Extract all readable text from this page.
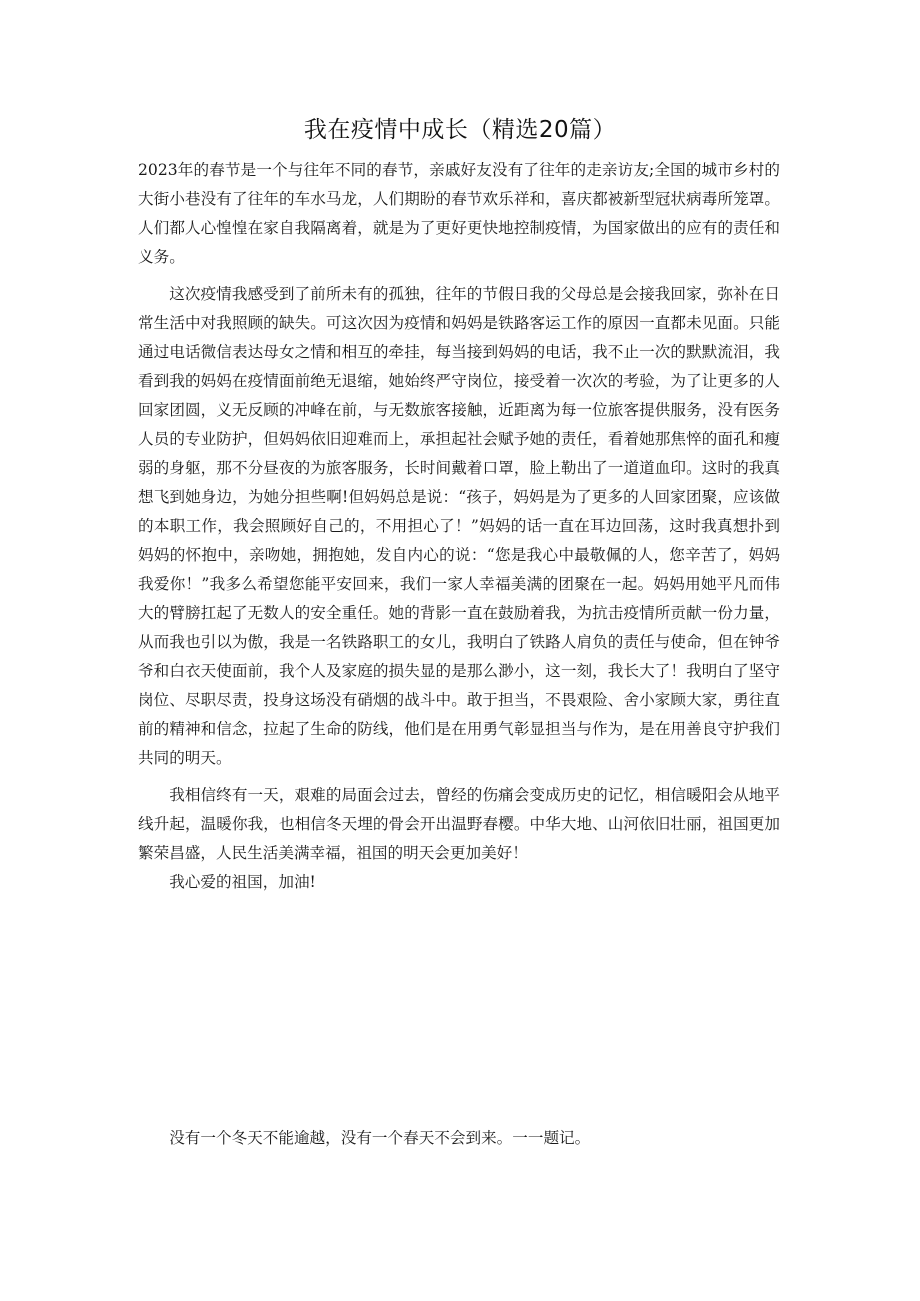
我在疫情中成长（精选20篇）

2023年的春节是一个与往年不同的春节，亲戚好友没有了往年的走亲访友;全国的城市乡村的大街小巷没有了往年的车水马龙，人们期盼的春节欢乐祥和，喜庆都被新型冠状病毒所笼罩。人们都人心惶惶在家自我隔离着，就是为了更好更快地控制疫情，为国家做出的应有的责任和义务。

这次疫情我感受到了前所未有的孤独，往年的节假日我的父母总是会接我回家，弥补在日常生活中对我照顾的缺失。可这次因为疫情和妈妈是铁路客运工作的原因一直都未见面。只能通过电话微信表达母女之情和相互的牵挂，每当接到妈妈的电话，我不止一次的默默流泪，我看到我的妈妈在疫情面前绝无退缩，她始终严守岗位，接受着一次次的考验，为了让更多的人回家团圆，义无反顾的冲峰在前，与无数旅客接触，近距离为每一位旅客提供服务，没有医务人员的专业防护，但妈妈依旧迎难而上，承担起社会赋予她的责任，看着她那焦悴的面孔和瘦弱的身躯，那不分昼夜的为旅客服务，长时间戴着口罩，脸上勒出了一道道血印。这时的我真想飞到她身边，为她分担些啊!但妈妈总是说：“孩子，妈妈是为了更多的人回家团聚，应该做的本职工作，我会照顾好自己的，不用担心了！”妈妈的话一直在耳边回荡，这时我真想扑到妈妈的怀抱中，亲吻她，拥抱她，发自内心的说：“您是我心中最敬佩的人，您辛苦了，妈妈我爱你！”我多么希望您能平安回来，我们一家人幸福美满的团聚在一起。妈妈用她平凡而伟大的臂膀扛起了无数人的安全重任。她的背影一直在鼓励着我，为抗击疫情所贡献一份力量，从而我也引以为傲，我是一名铁路职工的女儿，我明白了铁路人肩负的责任与使命，但在钟爷爷和白衣天使面前，我个人及家庭的损失显的是那么渺小，这一刻，我长大了！我明白了坚守岗位、尽职尽责，投身这场没有硝烟的战斗中。敢于担当，不畏艰险、舍小家顾大家，勇往直前的精神和信念，拉起了生命的防线，他们是在用勇气彰显担当与作为，是在用善良守护我们共同的明天。

我相信终有一天，艰难的局面会过去，曾经的伤痛会变成历史的记忆，相信暖阳会从地平线升起，温暖你我，也相信冬天埋的骨会开出温野春樱。中华大地、山河依旧壮丽，祖国更加繁荣昌盛，人民生活美满幸福，祖国的明天会更加美好！

我心爱的祖国，加油!

没有一个冬天不能逾越，没有一个春天不会到来。一一题记。
